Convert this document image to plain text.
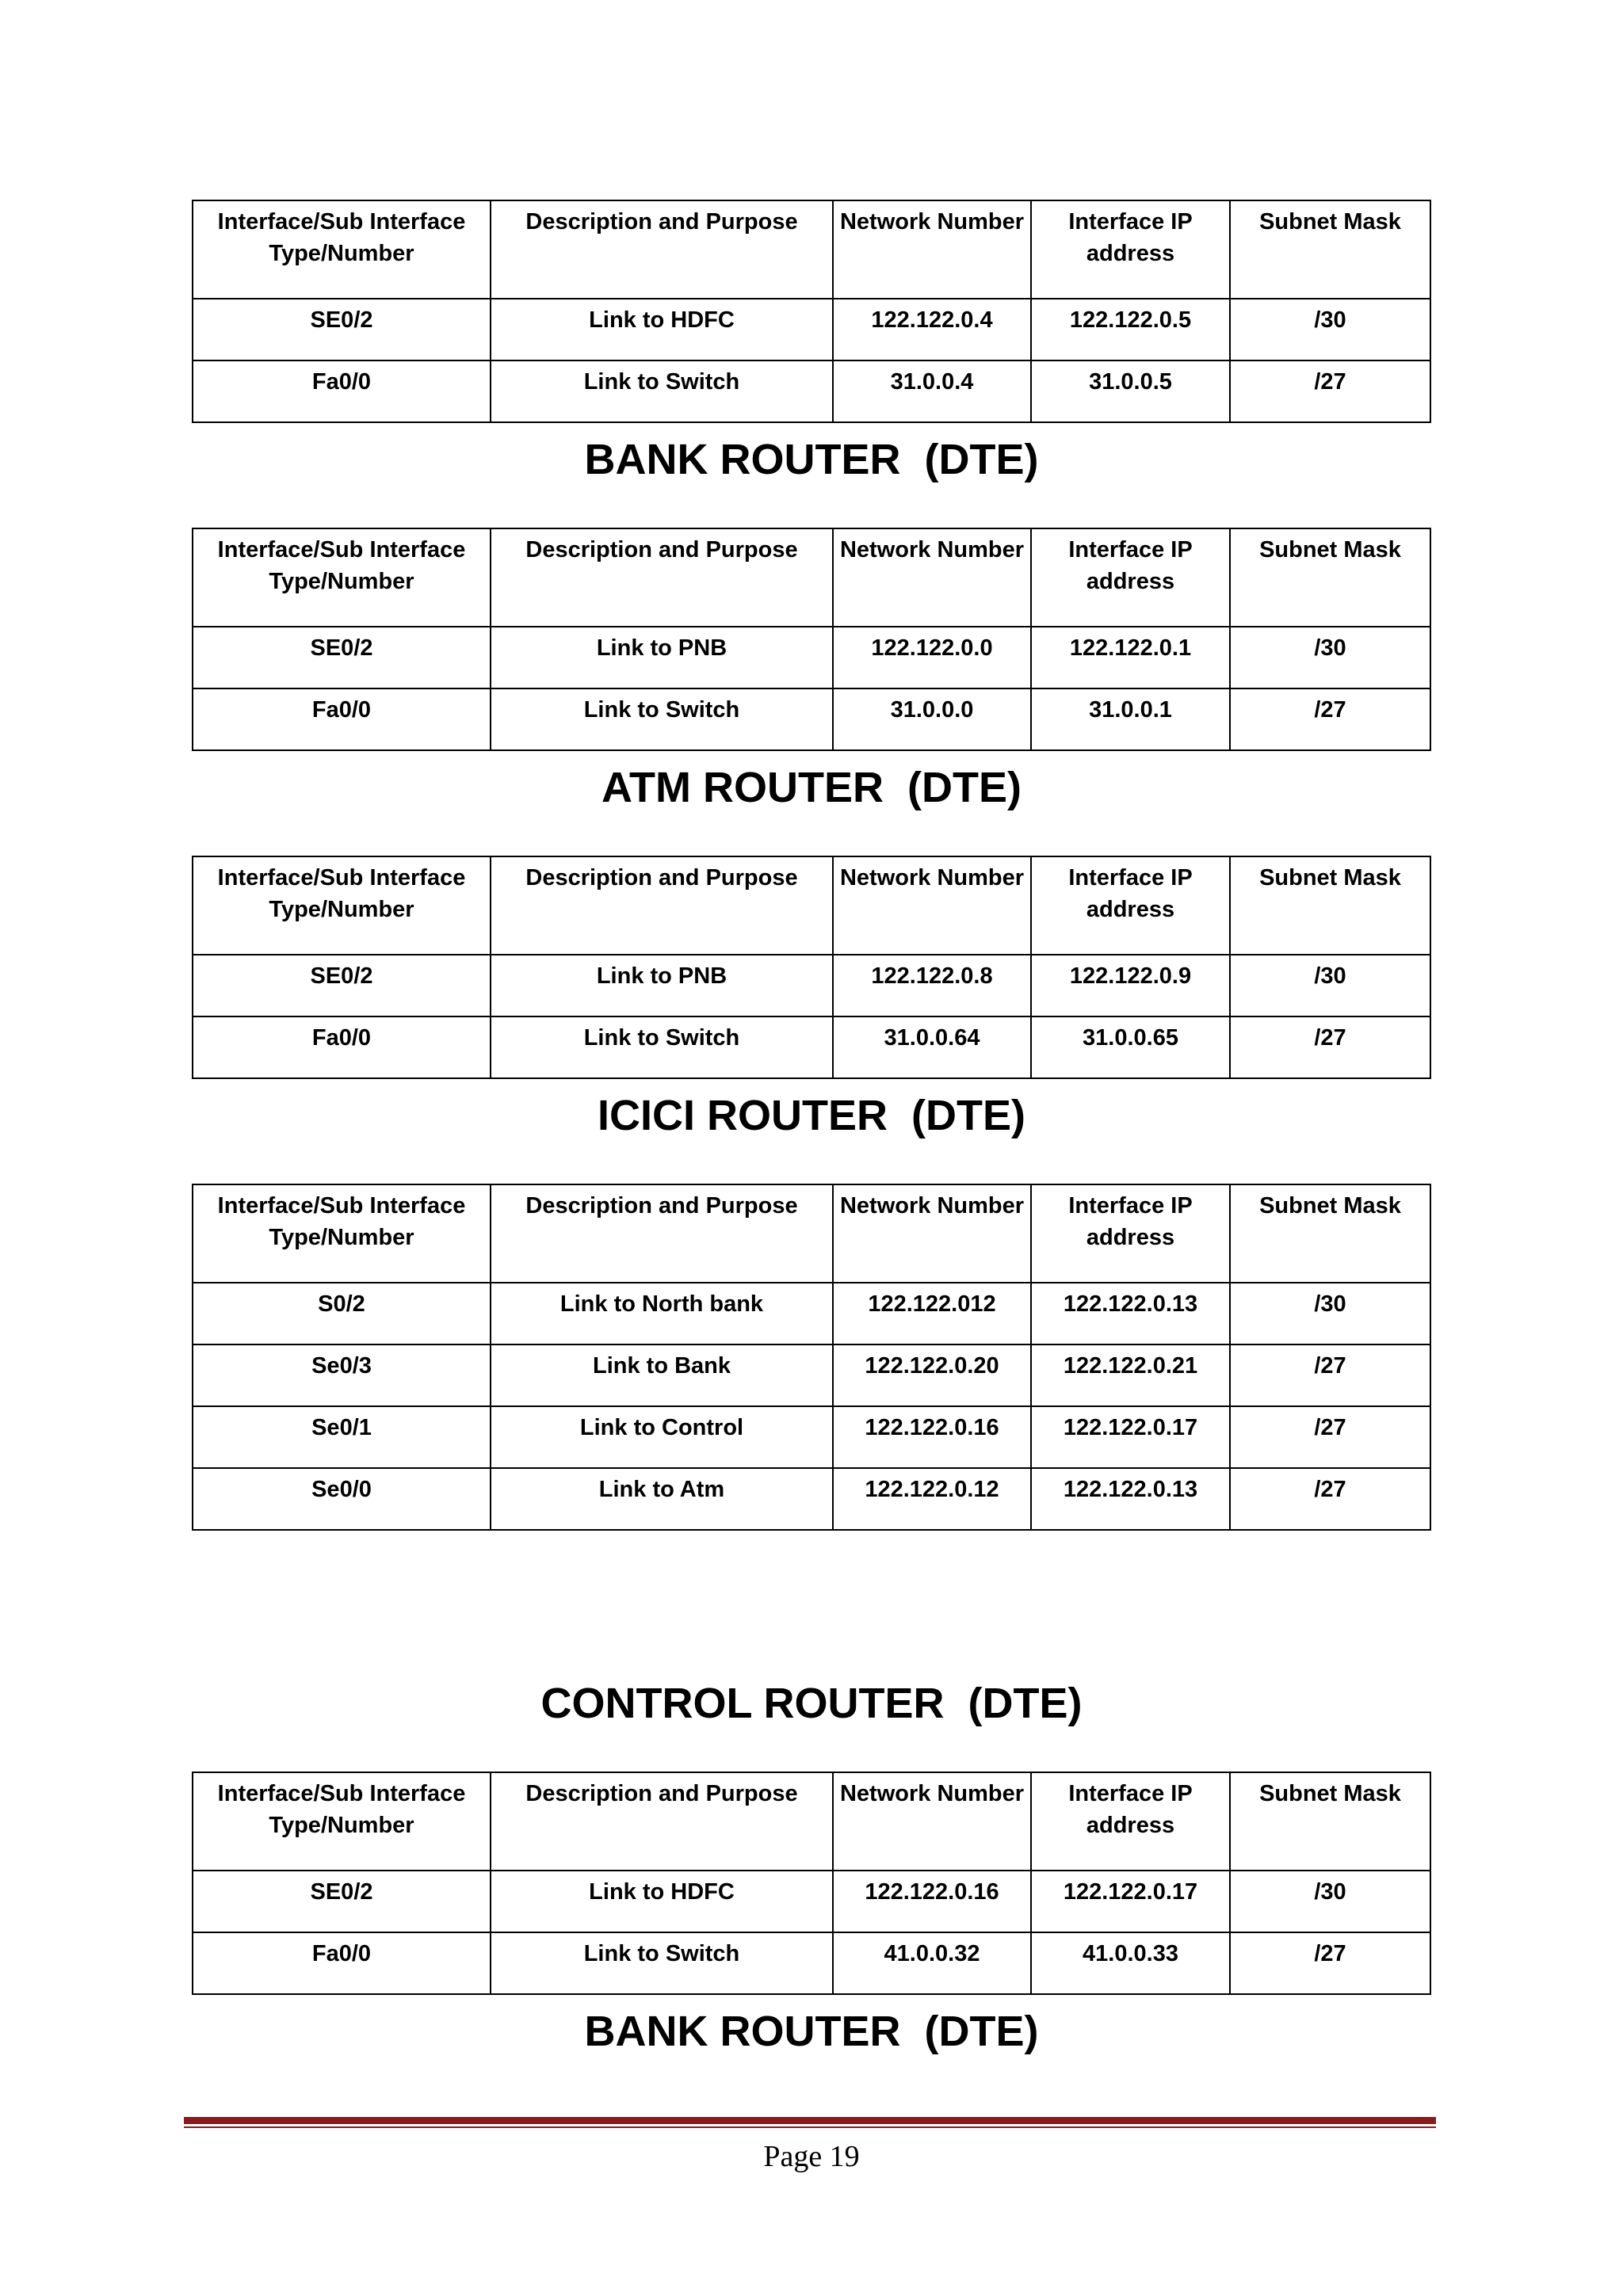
Interface/Sub Interface Type/Number	Description and Purpose	Network Number	Interface IP address	Subnet Mask
SE0/2	Link to HDFC	122.122.0.4	122.122.0.5	/30
Fa0/0	Link to Switch	31.0.0.4	31.0.0.5	/27
BANK ROUTER  (DTE)
Interface/Sub Interface Type/Number	Description and Purpose	Network Number	Interface IP address	Subnet Mask
SE0/2	Link to PNB	122.122.0.0	122.122.0.1	/30
Fa0/0	Link to Switch	31.0.0.0	31.0.0.1	/27
ATM ROUTER  (DTE)
Interface/Sub Interface Type/Number	Description and Purpose	Network Number	Interface IP address	Subnet Mask
SE0/2	Link to PNB	122.122.0.8	122.122.0.9	/30
Fa0/0	Link to Switch	31.0.0.64	31.0.0.65	/27
ICICI ROUTER  (DTE)
Interface/Sub Interface Type/Number	Description and Purpose	Network Number	Interface IP address	Subnet Mask
S0/2	Link to North bank	122.122.012	122.122.0.13	/30
Se0/3	Link to Bank	122.122.0.20	122.122.0.21	/27
Se0/1	Link to Control	122.122.0.16	122.122.0.17	/27
Se0/0	Link to Atm	122.122.0.12	122.122.0.13	/27
CONTROL ROUTER  (DTE)
Interface/Sub Interface Type/Number	Description and Purpose	Network Number	Interface IP address	Subnet Mask
SE0/2	Link to HDFC	122.122.0.16	122.122.0.17	/30
Fa0/0	Link to Switch	41.0.0.32	41.0.0.33	/27
BANK ROUTER  (DTE)
Page 19
